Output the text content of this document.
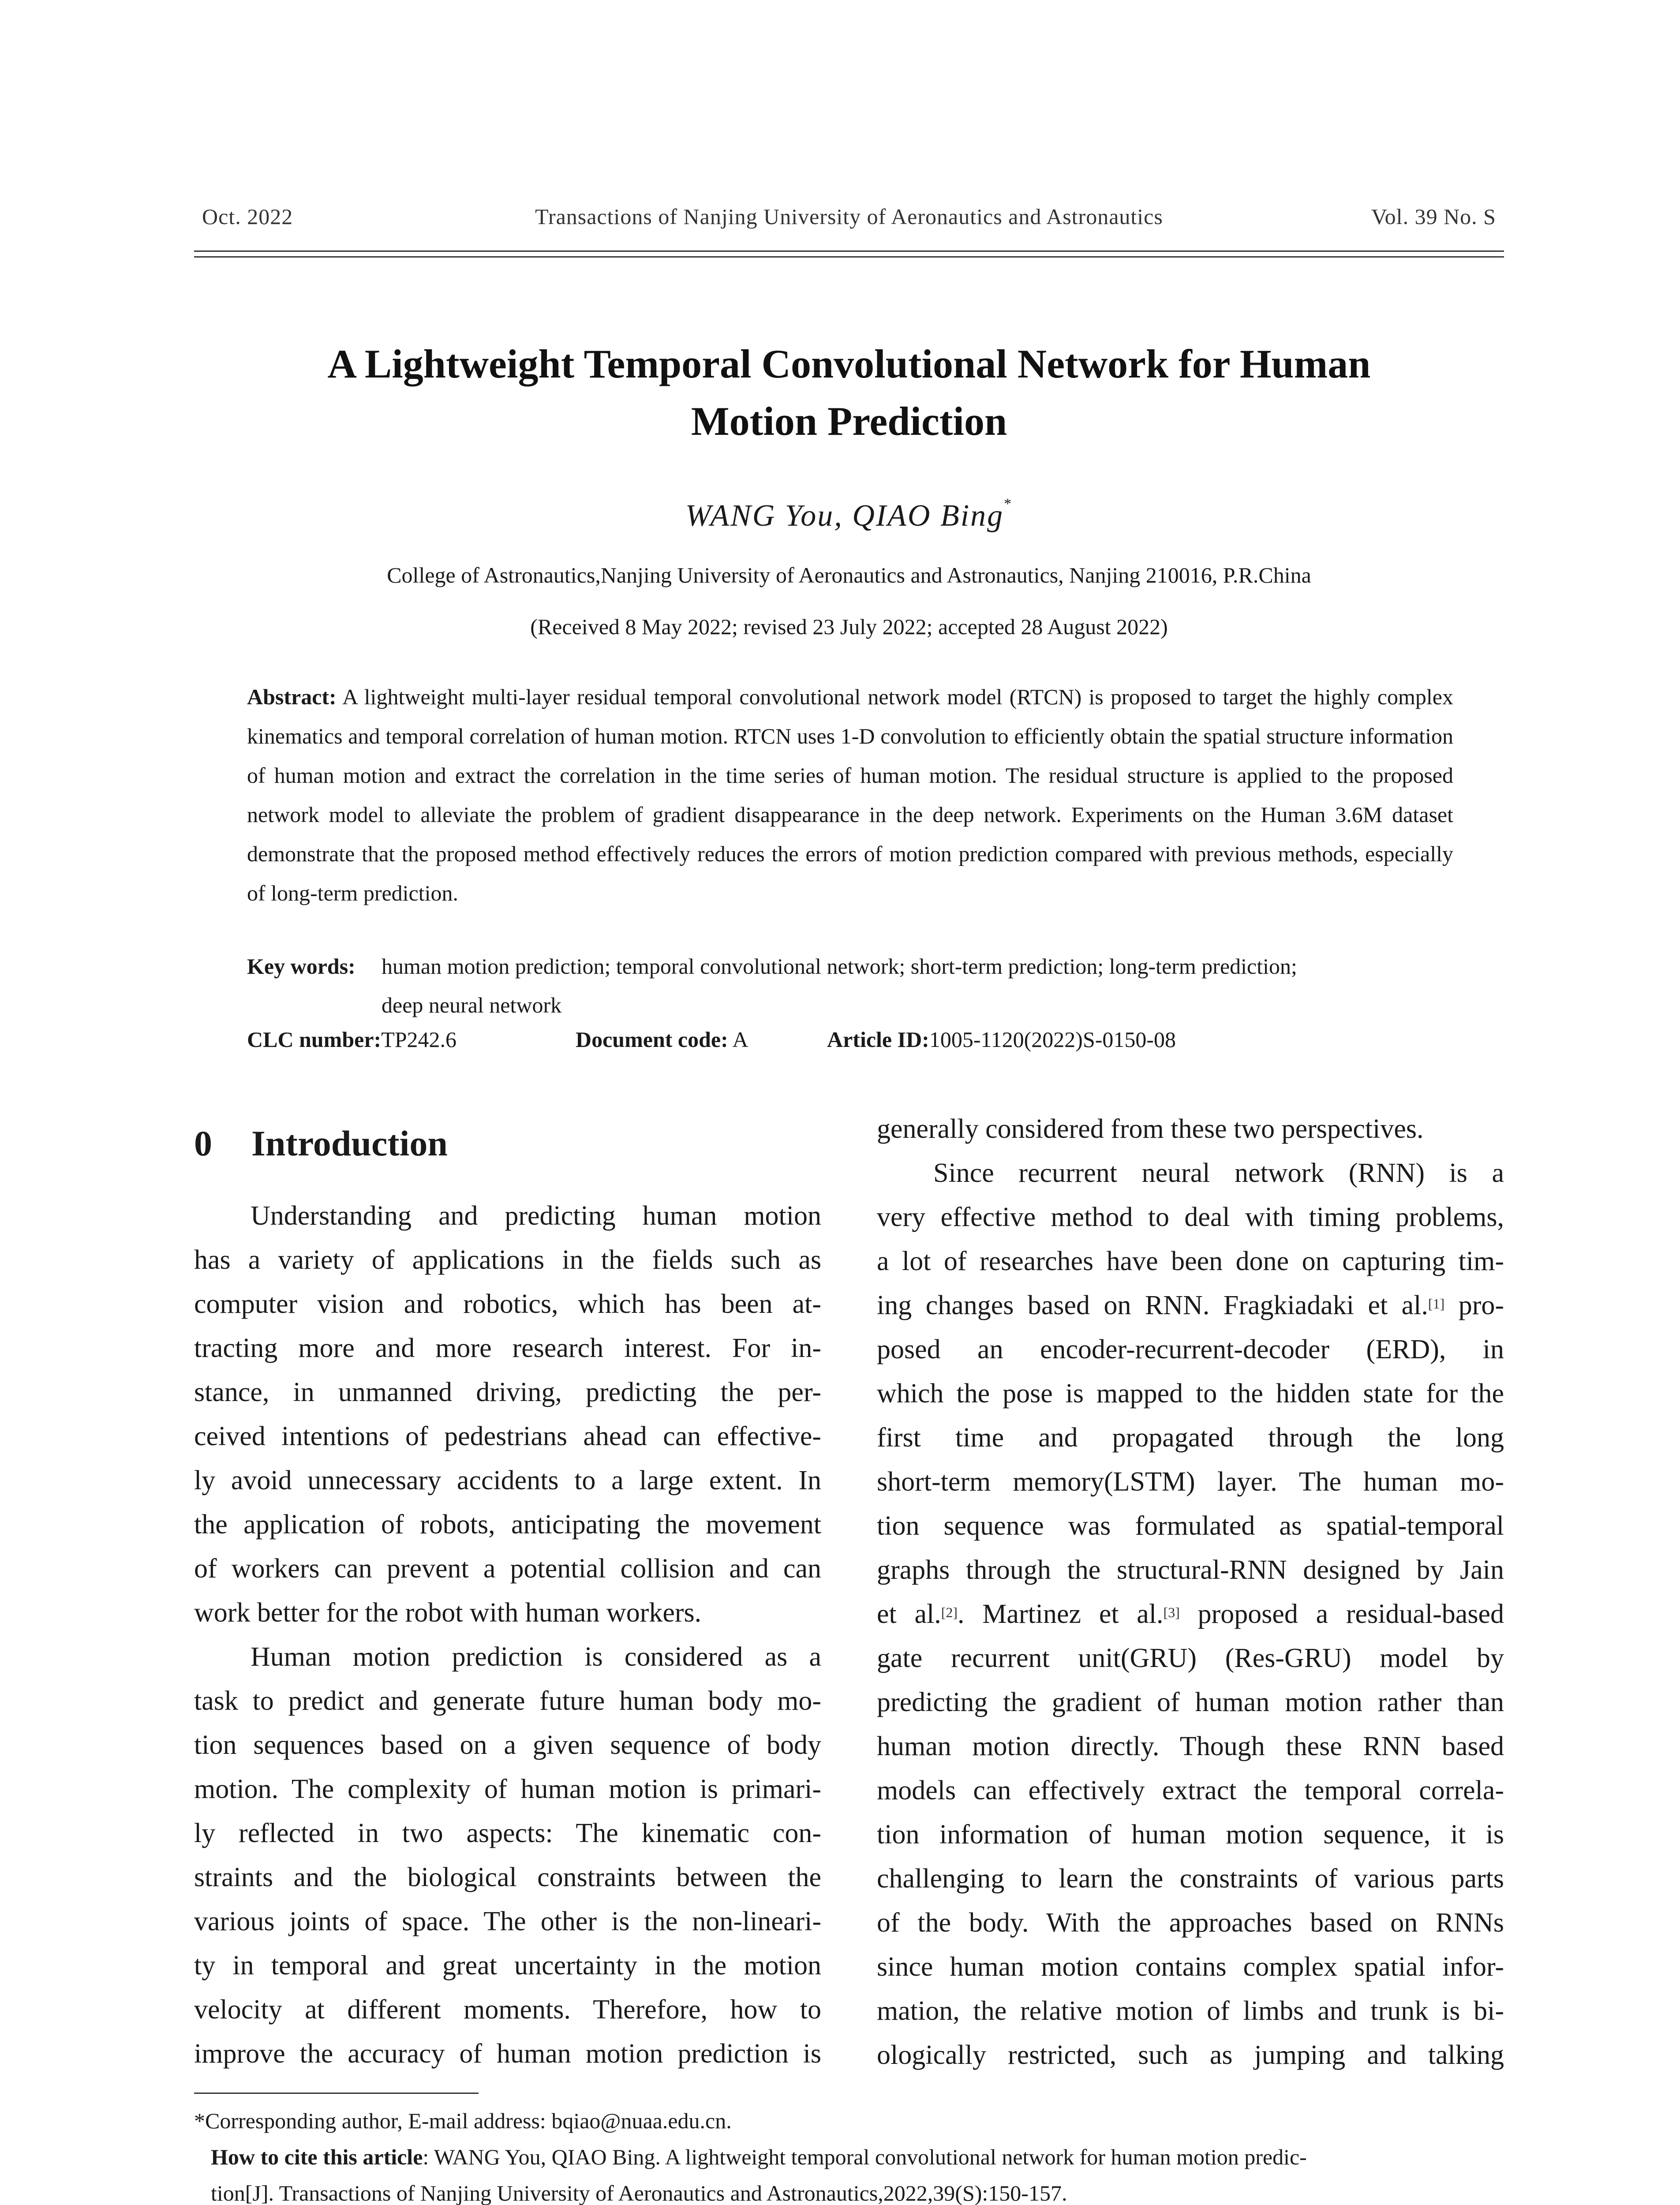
Oct. 2022	Transactions of Nanjing University of Aeronautics and Astronautics	Vol. 39 No. S
A Lightweight Temporal Convolutional Network for Human
Motion Prediction
WANG You, QIAO Bing*
College of Astronautics,Nanjing University of Aeronautics and Astronautics, Nanjing 210016, P.R.China
(Received 8 May 2022; revised 23 July 2022; accepted 28 August 2022)
Abstract: A lightweight multi-layer residual temporal convolutional network model (RTCN) is proposed to target the highly complex kinematics and temporal correlation of human motion. RTCN uses 1-D convolution to efficiently obtain the spatial structure information of human motion and extract the correlation in the time series of human motion. The residual structure is applied to the proposed network model to alleviate the problem of gradient disappearance in the deep network. Experiments on the Human 3.6M dataset demonstrate that the proposed method effectively reduces the errors of motion prediction compared with previous methods, especially of long-term prediction.
Key words: human motion prediction; temporal convolutional network; short-term prediction; long-term prediction;
deep neural network
CLC number:TP242.6	Document code: A	Article ID:1005-1120(2022)S-0150-08
0 Introduction
Understanding and predicting human motion
has a variety of applications in the fields such as
computer vision and robotics, which has been at-
tracting more and more research interest. For in-
stance, in unmanned driving, predicting the per-
ceived intentions of pedestrians ahead can effective-
ly avoid unnecessary accidents to a large extent. In
the application of robots, anticipating the movement
of workers can prevent a potential collision and can
work better for the robot with human workers.
Human motion prediction is considered as a
task to predict and generate future human body mo-
tion sequences based on a given sequence of body
motion. The complexity of human motion is primari-
ly reflected in two aspects: The kinematic con-
straints and the biological constraints between the
various joints of space. The other is the non-lineari-
ty in temporal and great uncertainty in the motion
velocity at different moments. Therefore, how to
improve the accuracy of human motion prediction is
generally considered from these two perspectives.
Since recurrent neural network (RNN) is a
very effective method to deal with timing problems,
a lot of researches have been done on capturing tim-
ing changes based on RNN. Fragkiadaki et al.[1] pro-
posed an encoder-recurrent-decoder (ERD), in
which the pose is mapped to the hidden state for the
first time and propagated through the long
short-term memory(LSTM) layer. The human mo-
tion sequence was formulated as spatial-temporal
graphs through the structural-RNN designed by Jain
et al.[2]. Martinez et al.[3] proposed a residual-based
gate recurrent unit(GRU) (Res-GRU) model by
predicting the gradient of human motion rather than
human motion directly. Though these RNN based
models can effectively extract the temporal correla-
tion information of human motion sequence, it is
challenging to learn the constraints of various parts
of the body. With the approaches based on RNNs
since human motion contains complex spatial infor-
mation, the relative motion of limbs and trunk is bi-
ologically restricted, such as jumping and talking
*Corresponding author, E-mail address: bqiao@nuaa.edu.cn.
How to cite this article: WANG You, QIAO Bing. A lightweight temporal convolutional network for human motion predic-
tion[J]. Transactions of Nanjing University of Aeronautics and Astronautics,2022,39(S):150-157.
